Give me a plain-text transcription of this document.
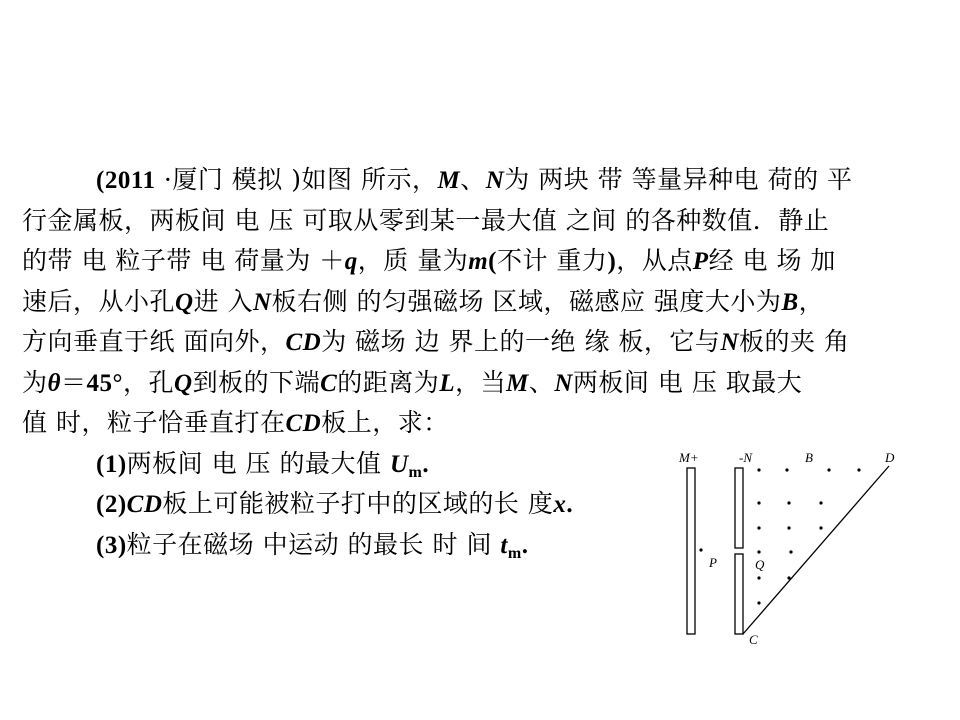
(2011 ·厦门 模拟 )如图 所示，M、N为 两块 带 等量异种电 荷的 平
行金属板，两板间 电 压 可取从零到某一最大值 之间 的各种数值．静止
的带 电 粒子带 电 荷量为 ＋q，质 量为m(不计 重力)，从点P经 电 场 加
速后，从小孔Q进 入N板右侧 的匀强磁场 区域，磁感应 强度大小为B，
方向垂直于纸 面向外，CD为 磁场 边 界上的一绝 缘 板，它与N板的夹 角
为θ＝45°，孔Q到板的下端C的距离为L，当M、N两板间 电 压 取最大
值 时，粒子恰垂直打在CD板上，求：
(1)两板间 电 压 的最大值 $U_m$.
(2)CD板上可能被粒子打中的区域的长 度x.
(3)粒子在磁场 中运动 的最长 时 间 $t_m$.
M+	-N	B	D
P	Q
C
